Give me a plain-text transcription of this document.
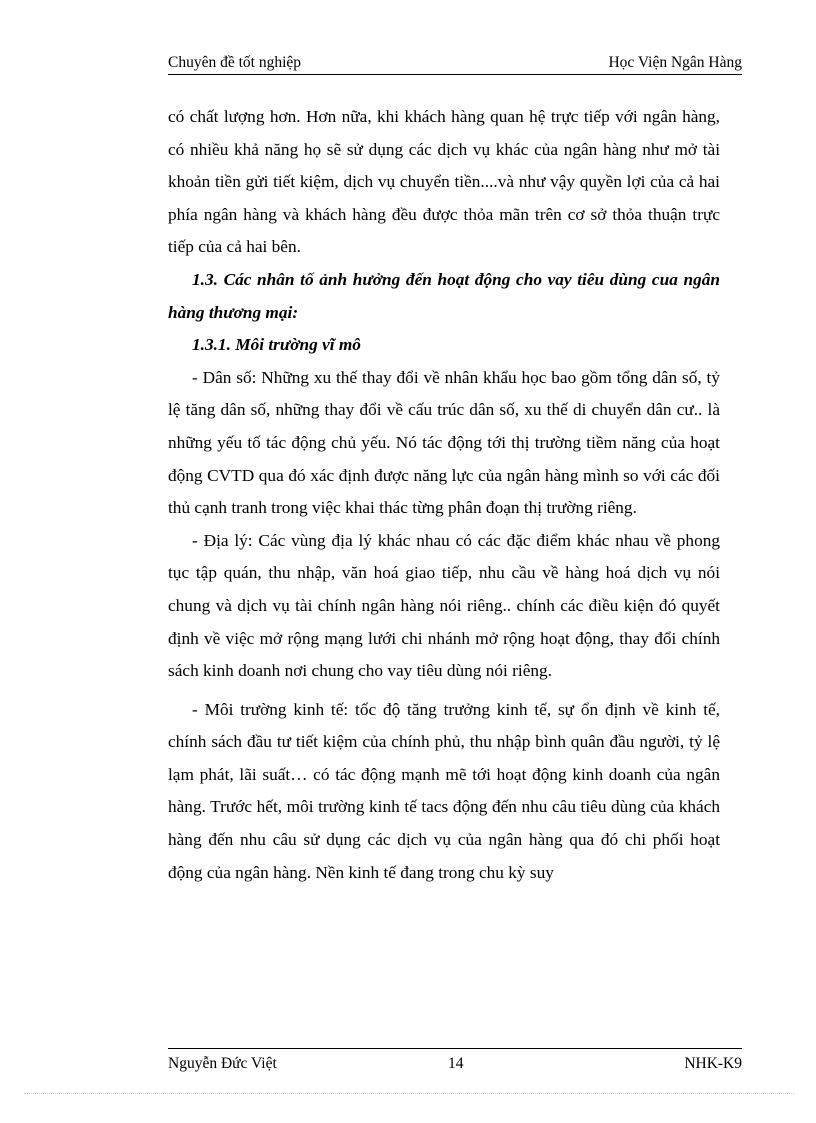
Chuyên đề tốt nghiệp	Học Viện Ngân Hàng

có chất lượng hơn. Hơn nữa, khi khách hàng quan hệ trực tiếp với ngân hàng, có nhiều khả năng họ sẽ sử dụng các dịch vụ khác của ngân hàng như mở tài khoản tiền gửi tiết kiệm, dịch vụ chuyển tiền....và như vậy quyền lợi của cả hai phía ngân hàng và khách hàng đều được thỏa mãn trên cơ sở thỏa thuận trực tiếp của cả hai bên.

1.3. Các nhân tố ảnh hưởng đến hoạt động cho vay tiêu dùng cua ngân hàng thương mại:

1.3.1. Môi trường vĩ mô

- Dân số: Những xu thế thay đổi về nhân khẩu học bao gồm tổng dân số, tỷ lệ tăng dân số, những thay đổi về cấu trúc dân số, xu thế di chuyển dân cư.. là những yếu tố tác động chủ yếu. Nó tác động tới thị trường tiềm năng của hoạt động CVTD qua đó xác định được năng lực của ngân hàng mình so với các đối thủ cạnh tranh trong việc khai thác từng phân đoạn thị trường riêng.

- Địa lý: Các vùng địa lý khác nhau có các đặc điểm khác nhau về phong tục tập quán, thu nhập, văn hoá giao tiếp, nhu cầu về hàng hoá dịch vụ nói chung và dịch vụ tài chính ngân hàng nói riêng.. chính các điều kiện đó quyết định về việc mở rộng mạng lưới chi nhánh mở rộng hoạt động, thay đổi chính sách kinh doanh nơi chung cho vay tiêu dùng nói riêng.

- Môi trường kinh tế: tốc độ tăng trưởng kinh tế, sự ổn định về kinh tế, chính sách đầu tư tiết kiệm của chính phủ, thu nhập bình quân đầu người, tỷ lệ lạm phát, lãi suất… có tác động mạnh mẽ tới hoạt động kinh doanh của ngân hàng. Trước hết, môi trường kinh tế tacs động đến nhu câu tiêu dùng của khách hàng đến nhu câu sử dụng các dịch vụ của ngân hàng qua đó chi phối hoạt động của ngân hàng. Nền kinh tế đang trong chu kỳ suy

Nguyễn Đức Việt	14	NHK-K9
